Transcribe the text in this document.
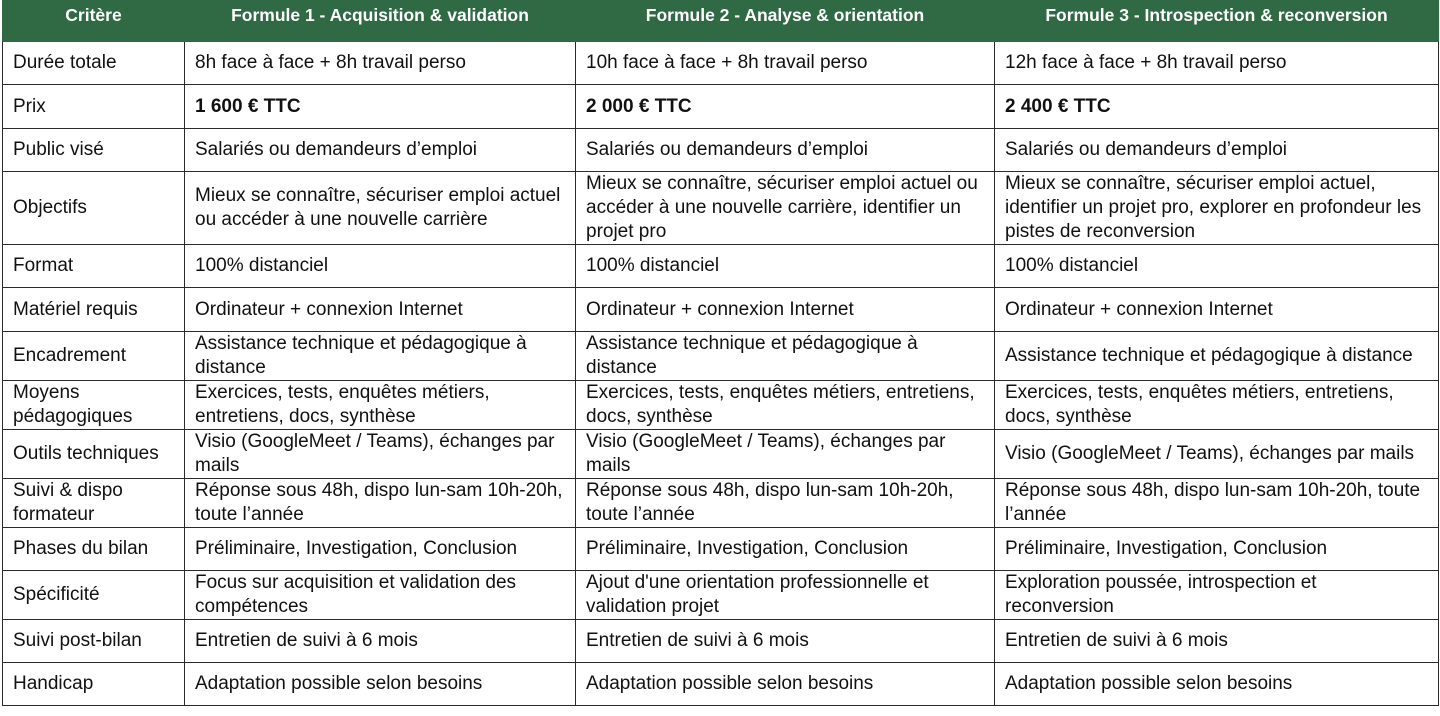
Critère	Formule 1 - Acquisition & validation	Formule 2 - Analyse & orientation	Formule 3 - Introspection & reconversion
Durée totale	8h face à face + 8h travail perso	10h face à face + 8h travail perso	12h face à face + 8h travail perso
Prix	1 600 € TTC	2 000 € TTC	2 400 € TTC
Public visé	Salariés ou demandeurs d’emploi	Salariés ou demandeurs d’emploi	Salariés ou demandeurs d’emploi
Objectifs	Mieux se connaître, sécuriser emploi actuel ou accéder à une nouvelle carrière	Mieux se connaître, sécuriser emploi actuel ou accéder à une nouvelle carrière, identifier un projet pro	Mieux se connaître, sécuriser emploi actuel, identifier un projet pro, explorer en profondeur les pistes de reconversion
Format	100% distanciel	100% distanciel	100% distanciel
Matériel requis	Ordinateur + connexion Internet	Ordinateur + connexion Internet	Ordinateur + connexion Internet
Encadrement	Assistance technique et pédagogique à distance	Assistance technique et pédagogique à distance	Assistance technique et pédagogique à distance
Moyens pédagogiques	Exercices, tests, enquêtes métiers, entretiens, docs, synthèse	Exercices, tests, enquêtes métiers, entretiens, docs, synthèse	Exercices, tests, enquêtes métiers, entretiens, docs, synthèse
Outils techniques	Visio (GoogleMeet / Teams), échanges par mails	Visio (GoogleMeet / Teams), échanges par mails	Visio (GoogleMeet / Teams), échanges par mails
Suivi & dispo formateur	Réponse sous 48h, dispo lun-sam 10h-20h, toute l’année	Réponse sous 48h, dispo lun-sam 10h-20h, toute l’année	Réponse sous 48h, dispo lun-sam 10h-20h, toute l’année
Phases du bilan	Préliminaire, Investigation, Conclusion	Préliminaire, Investigation, Conclusion	Préliminaire, Investigation, Conclusion
Spécificité	Focus sur acquisition et validation des compétences	Ajout d'une orientation professionnelle et validation projet	Exploration poussée, introspection et reconversion
Suivi post-bilan	Entretien de suivi à 6 mois	Entretien de suivi à 6 mois	Entretien de suivi à 6 mois
Handicap	Adaptation possible selon besoins	Adaptation possible selon besoins	Adaptation possible selon besoins
